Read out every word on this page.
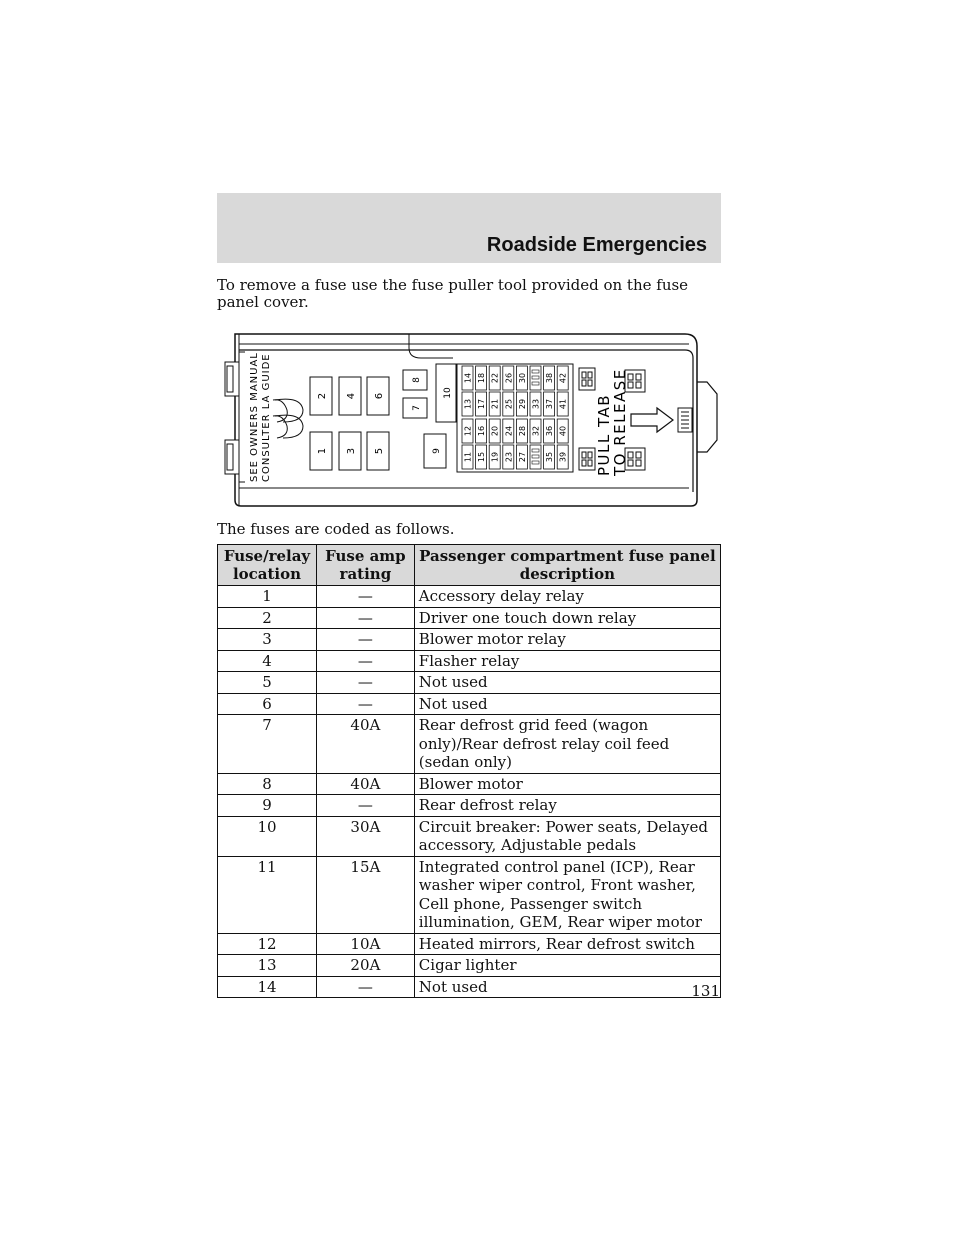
Roadside Emergencies
To remove a fuse use the fuse puller tool provided on the fuse panel cover.
SEE OWNERS MANUAL CONSULTER LA GUIDE	2 4 6
1 3 5
8
7
10
9
14
13
12
11
18
17
16
15
22
21
20
19
26
25
24
23
30
29
28
27
33
32
38
37
36
35
42
41
40
39 PULL TAB
TO RELEASE
The fuses are coded as follows.
Fuse/relay location	Fuse amp rating	Passenger compartment fuse panel description
1	—	Accessory delay relay
2	—	Driver one touch down relay
3	—	Blower motor relay
4	—	Flasher relay
5	—	Not used
6	—	Not used
7	40A	Rear defrost grid feed (wagon only)/Rear defrost relay coil feed (sedan only)
8	40A	Blower motor
9	—	Rear defrost relay
10	30A	Circuit breaker: Power seats, Delayed accessory, Adjustable pedals
11	15A	Integrated control panel (ICP), Rear washer wiper control, Front washer, Cell phone, Passenger switch illumination, GEM, Rear wiper motor
12	10A	Heated mirrors, Rear defrost switch
13	20A	Cigar lighter
14	—	Not used	131
